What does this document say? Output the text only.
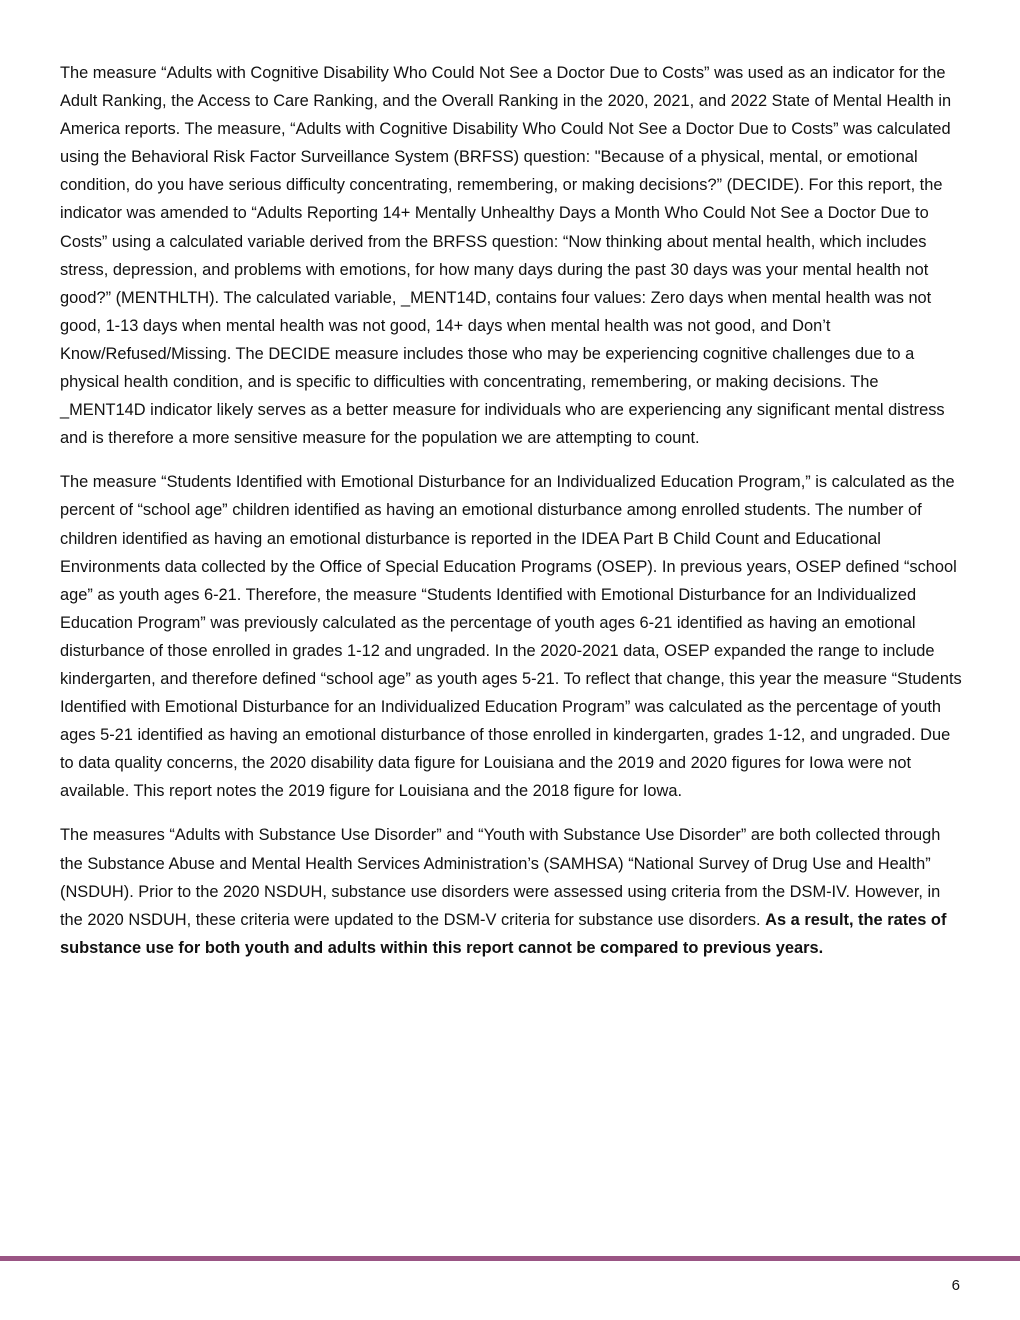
The measure “Adults with Cognitive Disability Who Could Not See a Doctor Due to Costs” was used as an indicator for the Adult Ranking, the Access to Care Ranking, and the Overall Ranking in the 2020, 2021, and 2022 State of Mental Health in America reports. The measure, “Adults with Cognitive Disability Who Could Not See a Doctor Due to Costs” was calculated using the Behavioral Risk Factor Surveillance System (BRFSS) question: "Because of a physical, mental, or emotional condition, do you have serious difficulty concentrating, remembering, or making decisions?” (DECIDE). For this report, the indicator was amended to “Adults Reporting 14+ Mentally Unhealthy Days a Month Who Could Not See a Doctor Due to Costs” using a calculated variable derived from the BRFSS question: “Now thinking about mental health, which includes stress, depression, and problems with emotions, for how many days during the past 30 days was your mental health not good?” (MENTHLTH). The calculated variable, _MENT14D, contains four values: Zero days when mental health was not good, 1-13 days when mental health was not good, 14+ days when mental health was not good, and Don’t Know/Refused/Missing. The DECIDE measure includes those who may be experiencing cognitive challenges due to a physical health condition, and is specific to difficulties with concentrating, remembering, or making decisions. The _MENT14D indicator likely serves as a better measure for individuals who are experiencing any significant mental distress and is therefore a more sensitive measure for the population we are attempting to count.

The measure “Students Identified with Emotional Disturbance for an Individualized Education Program,” is calculated as the percent of “school age” children identified as having an emotional disturbance among enrolled students. The number of children identified as having an emotional disturbance is reported in the IDEA Part B Child Count and Educational Environments data collected by the Office of Special Education Programs (OSEP). In previous years, OSEP defined “school age” as youth ages 6-21. Therefore, the measure “Students Identified with Emotional Disturbance for an Individualized Education Program” was previously calculated as the percentage of youth ages 6-21 identified as having an emotional disturbance of those enrolled in grades 1-12 and ungraded. In the 2020-2021 data, OSEP expanded the range to include kindergarten, and therefore defined “school age” as youth ages 5-21. To reflect that change, this year the measure “Students Identified with Emotional Disturbance for an Individualized Education Program” was calculated as the percentage of youth ages 5-21 identified as having an emotional disturbance of those enrolled in kindergarten, grades 1-12, and ungraded. Due to data quality concerns, the 2020 disability data figure for Louisiana and the 2019 and 2020 figures for Iowa were not available. This report notes the 2019 figure for Louisiana and the 2018 figure for Iowa.

The measures “Adults with Substance Use Disorder” and “Youth with Substance Use Disorder” are both collected through the Substance Abuse and Mental Health Services Administration’s (SAMHSA) “National Survey of Drug Use and Health” (NSDUH). Prior to the 2020 NSDUH, substance use disorders were assessed using criteria from the DSM-IV. However, in the 2020 NSDUH, these criteria were updated to the DSM-V criteria for substance use disorders. As a result, the rates of substance use for both youth and adults within this report cannot be compared to previous years.

6
